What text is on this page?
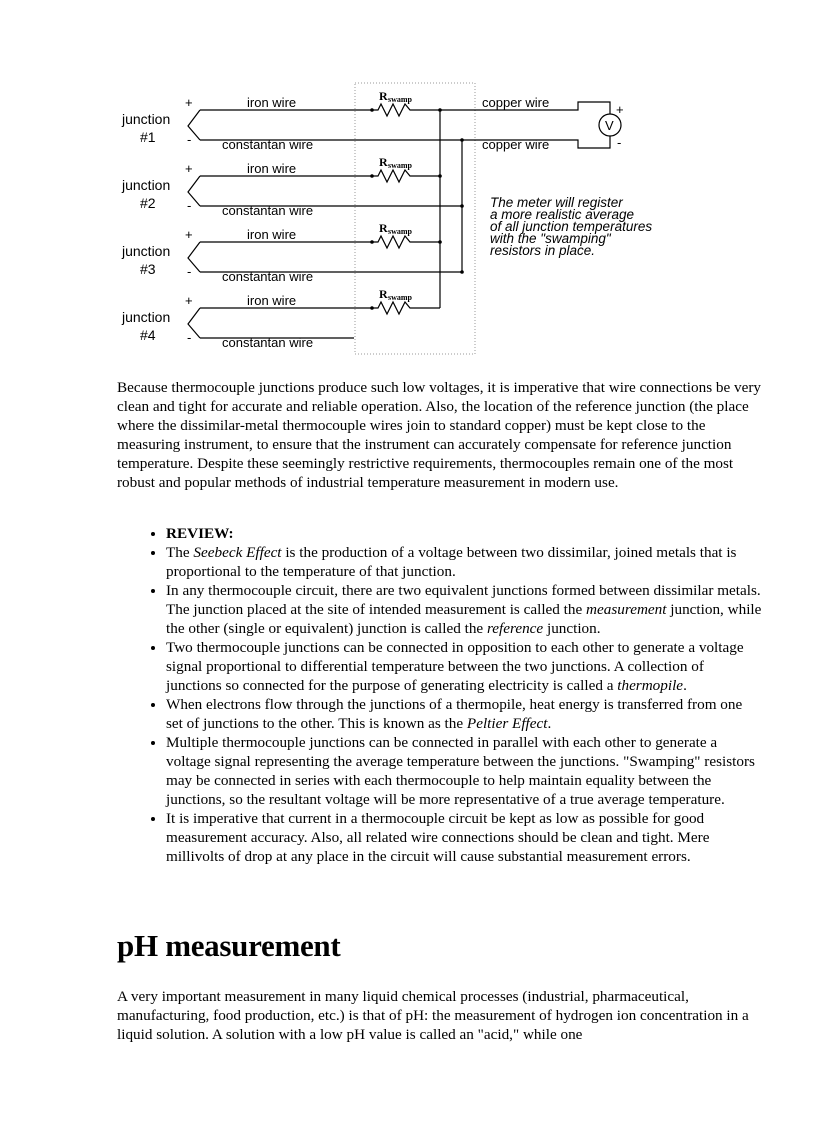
junction
#1
+
-
iron wire
constantan wire
R swamp
junction
#2
+
-
iron wire
constantan wire
R swamp
junction
#3
+
-
iron wire
constantan wire
R swamp
junction
#4
+
-
iron wire
constantan wire
R swamp
copper wire
copper wire
V
+
-
The meter will register
a more realistic average
of all junction temperatures
with the "swamping"
resistors in place.

Because thermocouple junctions produce such low voltages, it is imperative that wire connections be very clean and tight for accurate and reliable operation. Also, the location of the reference junction (the place where the dissimilar-metal thermocouple wires join to standard copper) must be kept close to the measuring instrument, to ensure that the instrument can accurately compensate for reference junction temperature. Despite these seemingly restrictive requirements, thermocouples remain one of the most robust and popular methods of industrial temperature measurement in modern use.

• REVIEW:
• The Seebeck Effect is the production of a voltage between two dissimilar, joined metals that is proportional to the temperature of that junction.
• In any thermocouple circuit, there are two equivalent junctions formed between dissimilar metals. The junction placed at the site of intended measurement is called the measurement junction, while the other (single or equivalent) junction is called the reference junction.
• Two thermocouple junctions can be connected in opposition to each other to generate a voltage signal proportional to differential temperature between the two junctions. A collection of junctions so connected for the purpose of generating electricity is called a thermopile.
• When electrons flow through the junctions of a thermopile, heat energy is transferred from one set of junctions to the other. This is known as the Peltier Effect.
• Multiple thermocouple junctions can be connected in parallel with each other to generate a voltage signal representing the average temperature between the junctions. "Swamping" resistors may be connected in series with each thermocouple to help maintain equality between the junctions, so the resultant voltage will be more representative of a true average temperature.
• It is imperative that current in a thermocouple circuit be kept as low as possible for good measurement accuracy. Also, all related wire connections should be clean and tight. Mere millivolts of drop at any place in the circuit will cause substantial measurement errors.
pH measurement

A very important measurement in many liquid chemical processes (industrial, pharmaceutical, manufacturing, food production, etc.) is that of pH: the measurement of hydrogen ion concentration in a liquid solution. A solution with a low pH value is called an "acid," while one
